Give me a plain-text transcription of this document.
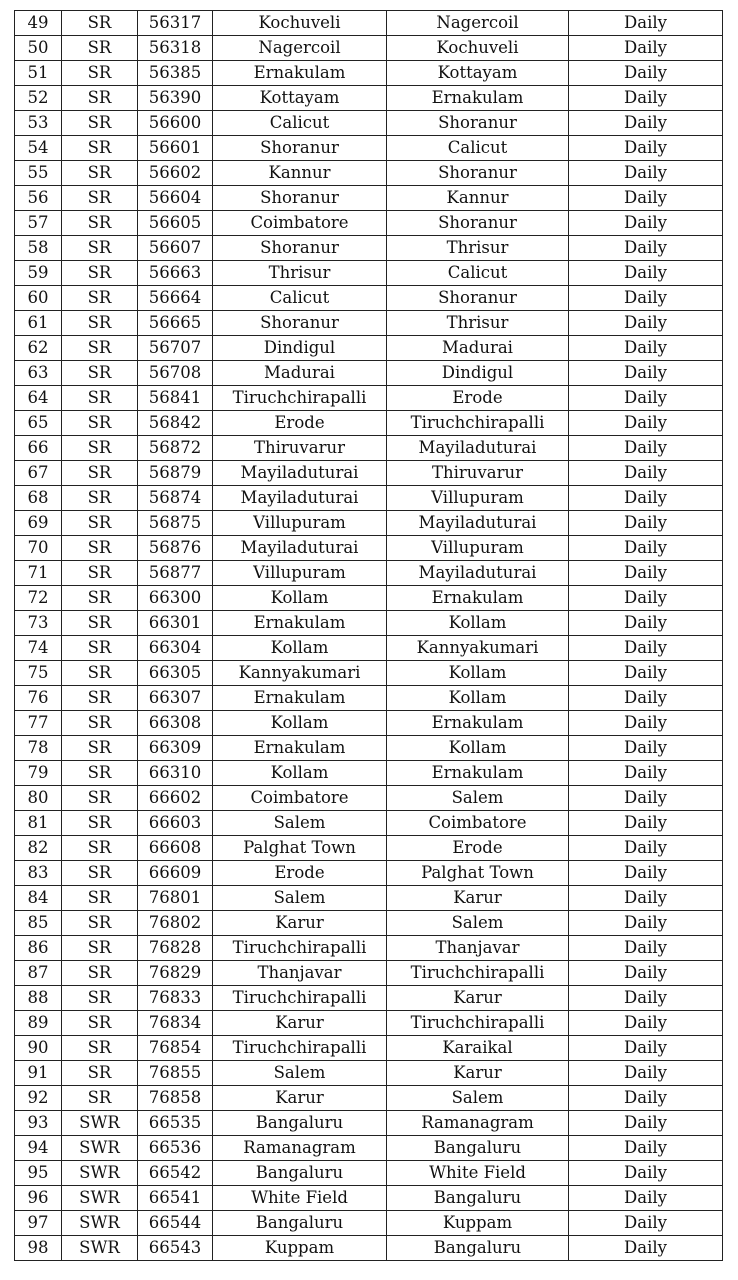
49	SR	56317	Kochuveli	Nagercoil	Daily
50	SR	56318	Nagercoil	Kochuveli	Daily
51	SR	56385	Ernakulam	Kottayam	Daily
52	SR	56390	Kottayam	Ernakulam	Daily
53	SR	56600	Calicut	Shoranur	Daily
54	SR	56601	Shoranur	Calicut	Daily
55	SR	56602	Kannur	Shoranur	Daily
56	SR	56604	Shoranur	Kannur	Daily
57	SR	56605	Coimbatore	Shoranur	Daily
58	SR	56607	Shoranur	Thrisur	Daily
59	SR	56663	Thrisur	Calicut	Daily
60	SR	56664	Calicut	Shoranur	Daily
61	SR	56665	Shoranur	Thrisur	Daily
62	SR	56707	Dindigul	Madurai	Daily
63	SR	56708	Madurai	Dindigul	Daily
64	SR	56841	Tiruchchirapalli	Erode	Daily
65	SR	56842	Erode	Tiruchchirapalli	Daily
66	SR	56872	Thiruvarur	Mayiladuturai	Daily
67	SR	56879	Mayiladuturai	Thiruvarur	Daily
68	SR	56874	Mayiladuturai	Villupuram	Daily
69	SR	56875	Villupuram	Mayiladuturai	Daily
70	SR	56876	Mayiladuturai	Villupuram	Daily
71	SR	56877	Villupuram	Mayiladuturai	Daily
72	SR	66300	Kollam	Ernakulam	Daily
73	SR	66301	Ernakulam	Kollam	Daily
74	SR	66304	Kollam	Kannyakumari	Daily
75	SR	66305	Kannyakumari	Kollam	Daily
76	SR	66307	Ernakulam	Kollam	Daily
77	SR	66308	Kollam	Ernakulam	Daily
78	SR	66309	Ernakulam	Kollam	Daily
79	SR	66310	Kollam	Ernakulam	Daily
80	SR	66602	Coimbatore	Salem	Daily
81	SR	66603	Salem	Coimbatore	Daily
82	SR	66608	Palghat Town	Erode	Daily
83	SR	66609	Erode	Palghat Town	Daily
84	SR	76801	Salem	Karur	Daily
85	SR	76802	Karur	Salem	Daily
86	SR	76828	Tiruchchirapalli	Thanjavar	Daily
87	SR	76829	Thanjavar	Tiruchchirapalli	Daily
88	SR	76833	Tiruchchirapalli	Karur	Daily
89	SR	76834	Karur	Tiruchchirapalli	Daily
90	SR	76854	Tiruchchirapalli	Karaikal	Daily
91	SR	76855	Salem	Karur	Daily
92	SR	76858	Karur	Salem	Daily
93	SWR	66535	Bangaluru	Ramanagram	Daily
94	SWR	66536	Ramanagram	Bangaluru	Daily
95	SWR	66542	Bangaluru	White Field	Daily
96	SWR	66541	White Field	Bangaluru	Daily
97	SWR	66544	Bangaluru	Kuppam	Daily
98	SWR	66543	Kuppam	Bangaluru	Daily
